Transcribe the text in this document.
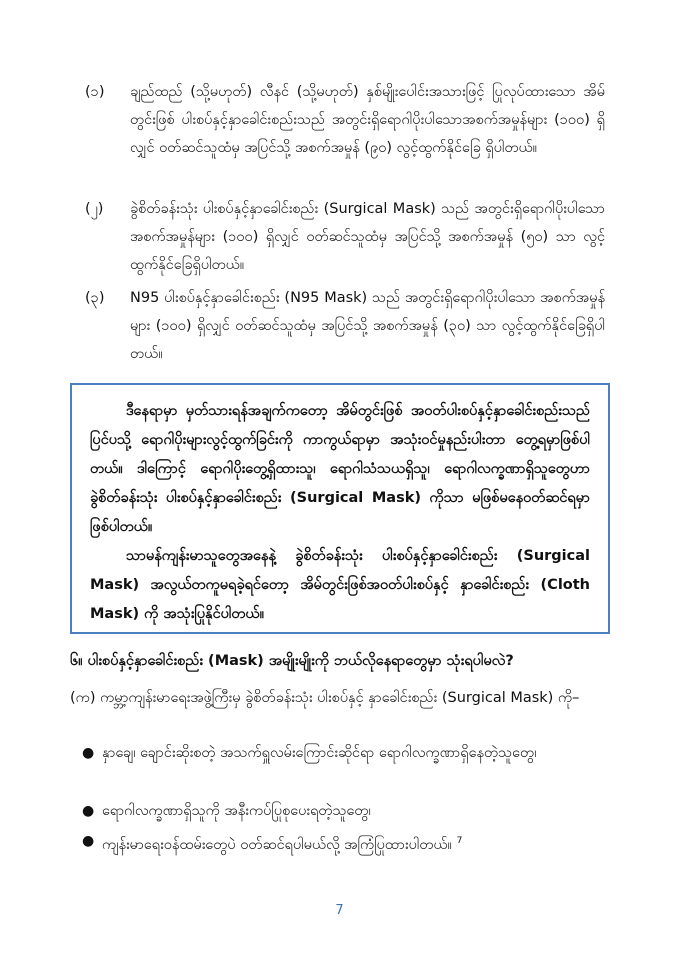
(၁)	ချည်ထည် (သို့မဟုတ်) လီနင် (သို့မဟုတ်) နှစ်မျိုးပေါင်းအသားဖြင့် ပြုလုပ်ထားသော အိမ်တွင်းဖြစ် ပါးစပ်နှင့်နှာခေါင်းစည်းသည် အတွင်းရှိရောဂါပိုးပါသောအစက်အမှုန်များ (၁၀၀) ရှိလျှင် ဝတ်ဆင်သူထံမှ အပြင်သို့ အစက်အမှုန် (၉၀) လွင့်ထွက်နိုင်ခြေ ရှိပါတယ်။
(၂)	ခွဲစိတ်ခန်းသုံး ပါးစပ်နှင့်နှာခေါင်းစည်း (Surgical Mask) သည် အတွင်းရှိရောဂါပိုးပါသော အစက်အမှုန်များ (၁၀၀) ရှိလျှင် ဝတ်ဆင်သူထံမှ အပြင်သို့ အစက်အမှုန် (၅၀) သာ လွင့်ထွက်နိုင်ခြေရှိပါတယ်။
(၃)	N95 ပါးစပ်နှင့်နှာခေါင်းစည်း (N95 Mask) သည် အတွင်းရှိရောဂါပိုးပါသော အစက်အမှုန်များ (၁၀၀) ရှိလျှင် ဝတ်ဆင်သူထံမှ အပြင်သို့ အစက်အမှုန် (၃၀) သာ လွင့်ထွက်နိုင်ခြေရှိပါတယ်။

ဒီနေရာမှာ မှတ်သားရန်အချက်ကတော့ အိမ်တွင်းဖြစ် အဝတ်ပါးစပ်နှင့်နှာခေါင်းစည်းသည် ပြင်ပသို့ ရောဂါပိုးများလွင့်ထွက်ခြင်းကို ကာကွယ်ရာမှာ အသုံးဝင်မှုနည်းပါးတာ တွေ့ရမှာဖြစ်ပါတယ်။ ဒါကြောင့် ရောဂါပိုးတွေ့ရှိထားသူ၊ ရောဂါသံသယရှိသူ၊ ရောဂါလက္ခဏာရှိသူတွေဟာ ခွဲစိတ်ခန်းသုံး ပါးစပ်နှင့်နှာခေါင်းစည်း (Surgical Mask) ကိုသာ မဖြစ်မနေဝတ်ဆင်ရမှာ ဖြစ်ပါတယ်။

သာမန်ကျန်းမာသူတွေအနေနဲ့ ခွဲစိတ်ခန်းသုံး ပါးစပ်နှင့်နှာခေါင်းစည်း (Surgical Mask) အလွယ်တကူမရခဲ့ရင်တော့ အိမ်တွင်းဖြစ်အဝတ်ပါးစပ်နှင့် နှာခေါင်းစည်း (Cloth Mask) ကို အသုံးပြုနိုင်ပါတယ်။

၆။ ပါးစပ်နှင့်နှာခေါင်းစည်း (Mask) အမျိုးမျိုးကို ဘယ်လိုနေရာတွေမှာ သုံးရပါမလဲ?
(က) ကမ္ဘာ့ကျန်းမာရေးအဖွဲ့ကြီးမှ ခွဲစိတ်ခန်းသုံး ပါးစပ်နှင့် နှာခေါင်းစည်း (Surgical Mask) ကို–
● နှာချေ၊ ချောင်းဆိုးစတဲ့ အသက်ရှူလမ်းကြောင်းဆိုင်ရာ ရောဂါလက္ခဏာရှိနေတဲ့သူတွေ၊
● ရောဂါလက္ခဏာရှိသူကို အနီးကပ်ပြုစုပေးရတဲ့သူတွေ၊
● ကျန်းမာရေးဝန်ထမ်းတွေပဲ ဝတ်ဆင်ရပါမယ်လို့ အကြံပြုထားပါတယ်။ $^7$
7
